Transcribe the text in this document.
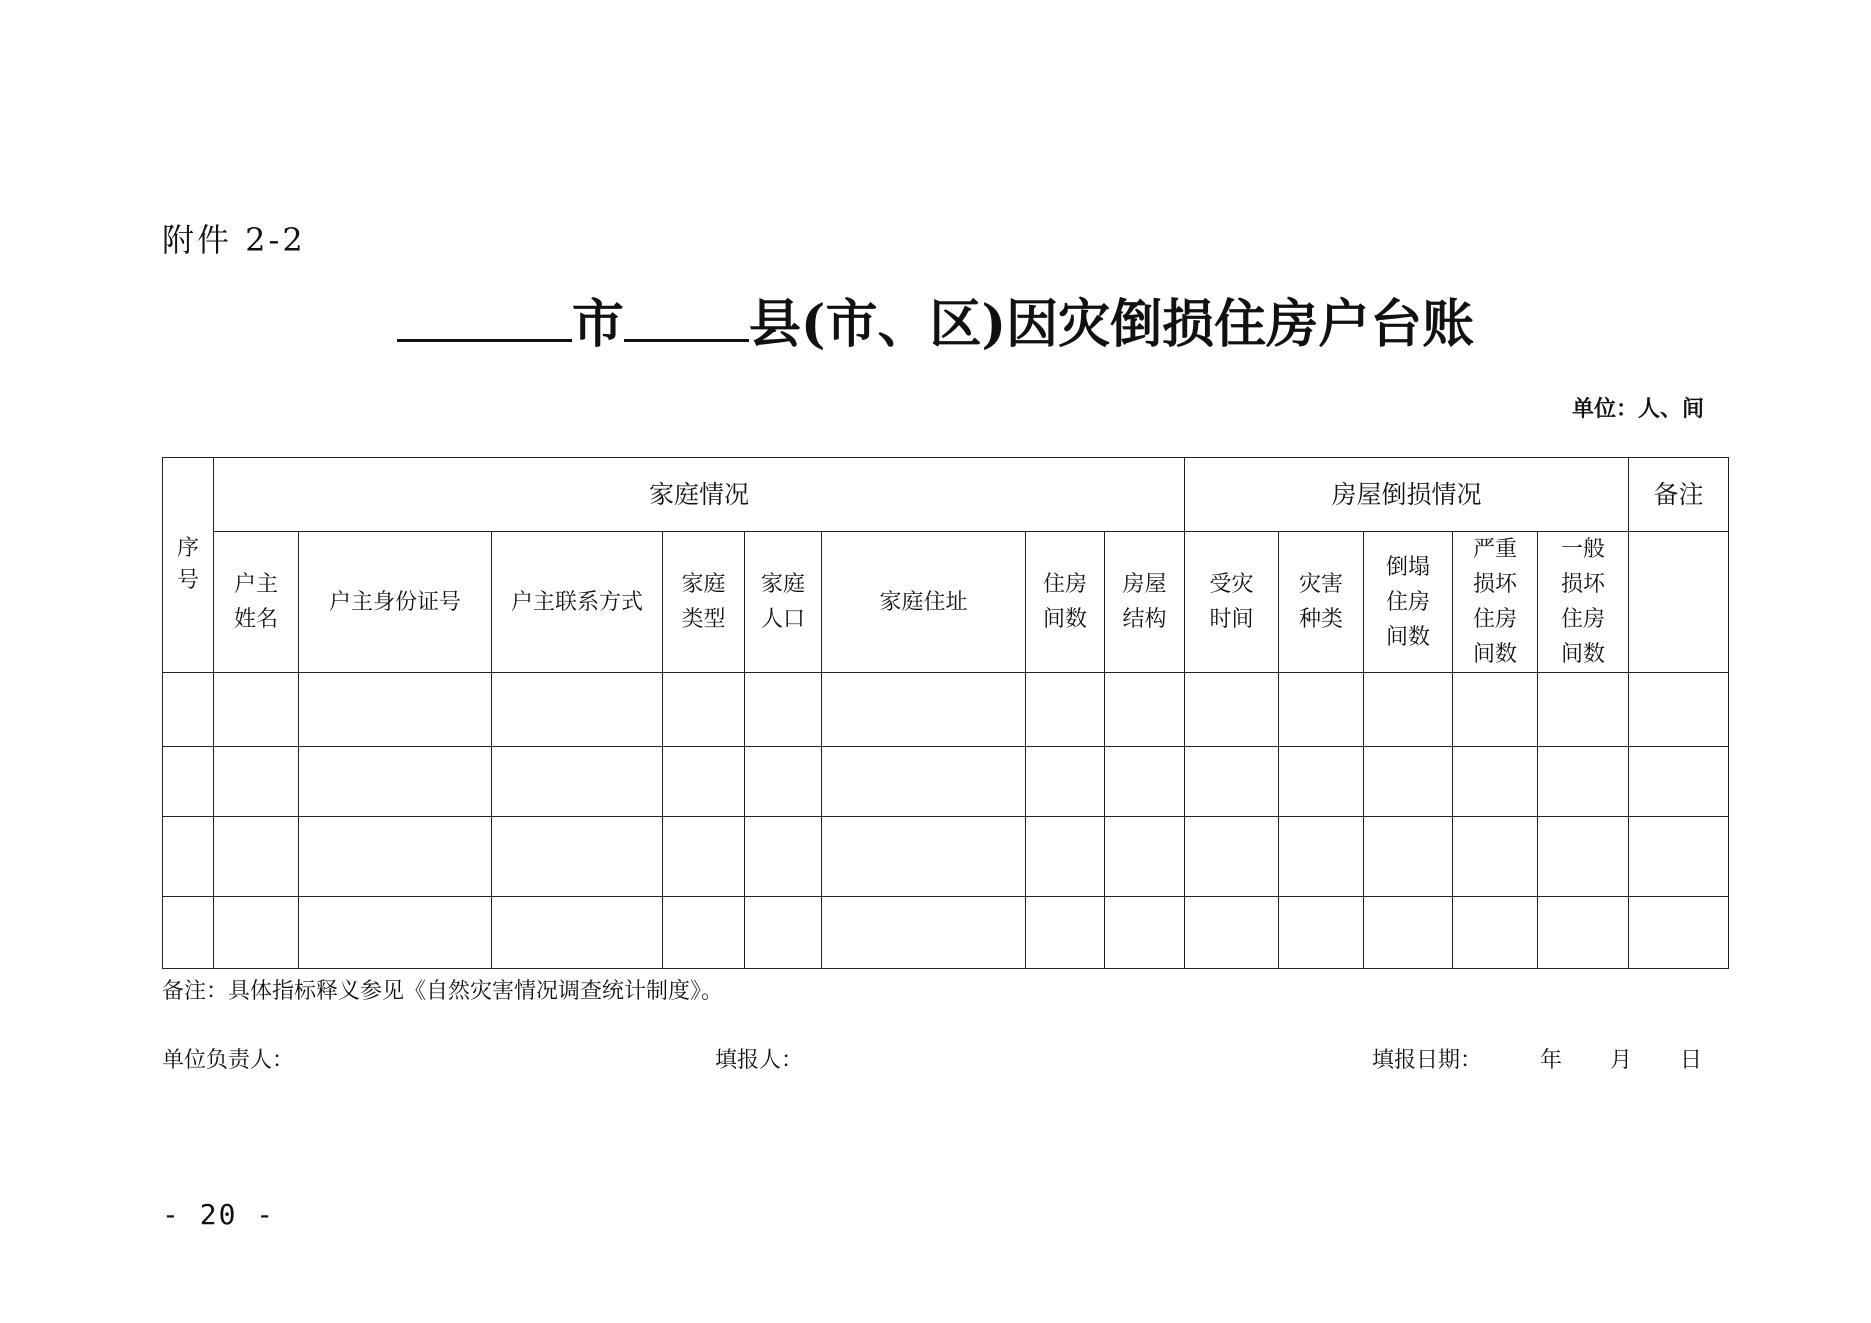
附件 2-2
市 县(市、区)因灾倒损住房户台账
单位：人、间
序号	家庭情况								房屋倒损情况					备注
	户主姓名	户主身份证号	户主联系方式	家庭类型	家庭人口	家庭住址	住房间数	房屋结构	受灾时间	灾害种类	倒塌住房间数	严重损坏住房间数	一般损坏住房间数	

备注：具体指标释义参见《自然灾害情况调查统计制度》。
单位负责人：	填报人：	填报日期：	年 月 日
- 20 -
